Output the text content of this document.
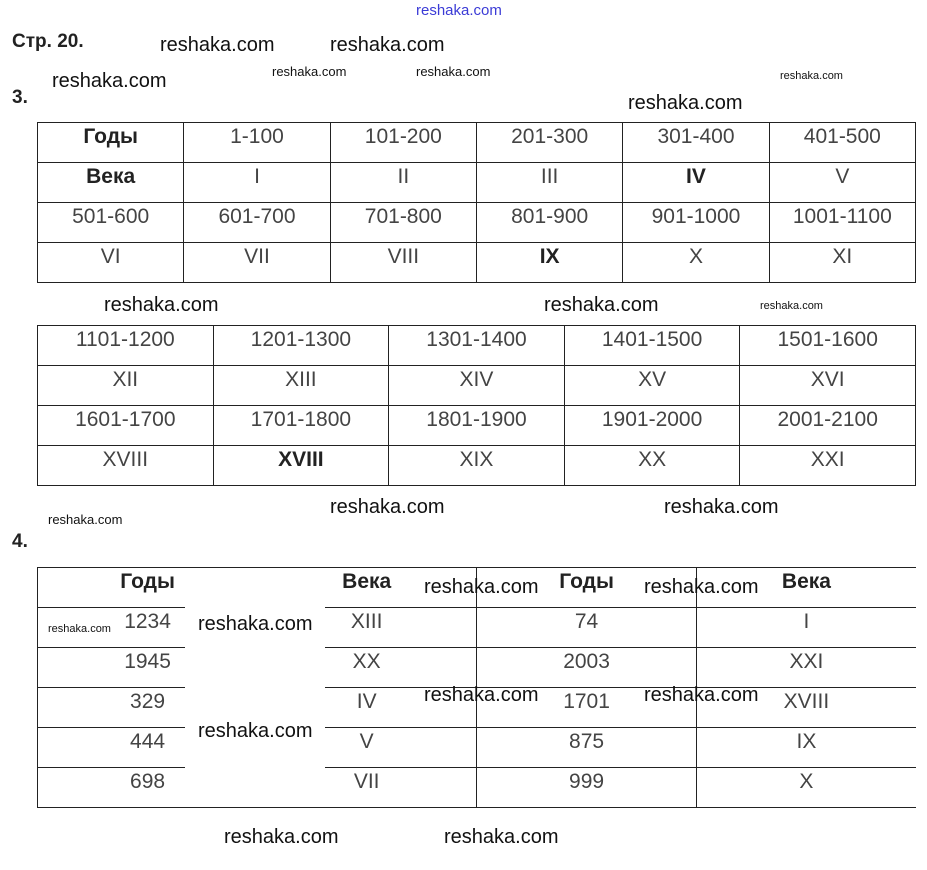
reshaka.com
Стр. 20.
3.
Годы	1-100	101-200	201-300	301-400	401-500
Века	I	II	III	IV	V
501-600	601-700	701-800	801-900	901-1000	1001-1100
VI	VII	VIII	IX	X	XI
1101-1200	1201-1300	1301-1400	1401-1500	1501-1600
XII	XIII	XIV	XV	XVI
1601-1700	1701-1800	1801-1900	1901-2000	2001-2100
XVIII	XVIII	XIX	XX	XXI
4.
Годы	Века	Годы	Века
1234	XIII	74	I
1945	XX	2003	XXI
329	IV	1701	XVIII
444	V	875	IX
698	VII	999	X
reshaka.com	reshaka.com	reshaka.com
reshaka.com
reshaka.com	reshaka.com
reshaka.com
reshaka.com
reshaka.com
reshaka.com	reshaka.com
reshaka.com
reshaka.com	reshaka.com
reshaka.com
reshaka.com	reshaka.com
reshaka.com	reshaka.com
reshaka.com	reshaka.com
reshaka.com
